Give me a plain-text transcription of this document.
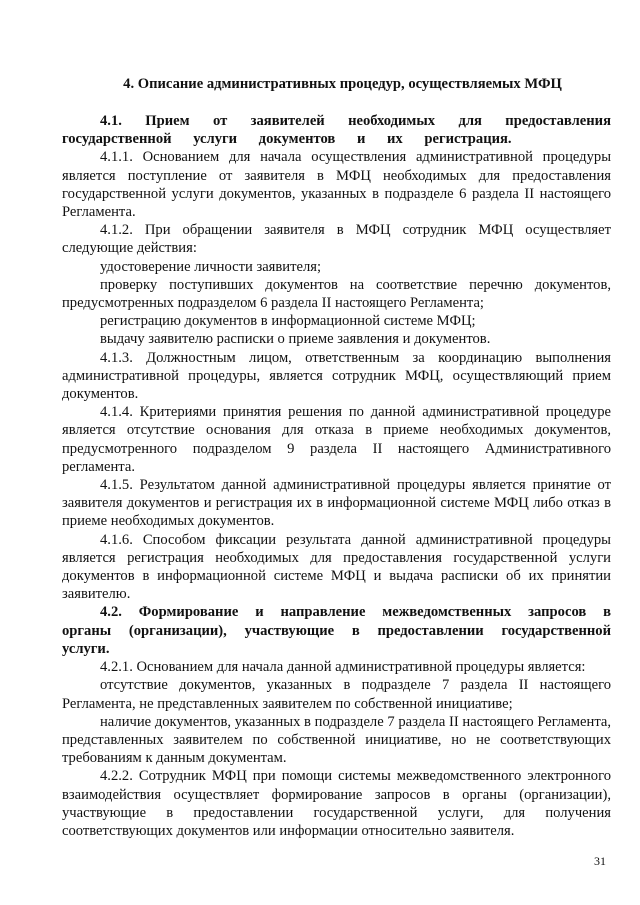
4. Описание административных процедур, осуществляемых МФЦ

4.1. Прием от заявителей необходимых для предоставления государственной услуги документов и их регистрация.

4.1.1. Основанием для начала осуществления административной процедуры является поступление от заявителя в МФЦ необходимых для предоставления государственной услуги документов, указанных в подразделе 6 раздела II настоящего Регламента.

4.1.2. При обращении заявителя в МФЦ сотрудник МФЦ осуществляет следующие действия:

удостоверение личности заявителя;

проверку поступивших документов на соответствие перечню документов, предусмотренных подразделом 6 раздела II настоящего Регламента;

регистрацию документов в информационной системе МФЦ;

выдачу заявителю расписки о приеме заявления и документов.

4.1.3. Должностным лицом, ответственным за координацию выполнения административной процедуры, является сотрудник МФЦ, осуществляющий прием документов.

4.1.4. Критериями принятия решения по данной административной процедуре является отсутствие основания для отказа в приеме необходимых документов, предусмотренного подразделом 9 раздела II настоящего Административного регламента.

4.1.5. Результатом данной административной процедуры является принятие от заявителя документов и регистрация их в информационной системе МФЦ либо отказ в приеме необходимых документов.

4.1.6. Способом фиксации результата данной административной процедуры является регистрация необходимых для предоставления государственной услуги документов в информационной системе МФЦ и выдача расписки об их принятии заявителю.

4.2. Формирование и направление межведомственных запросов в органы (организации), участвующие в предоставлении государственной услуги.

4.2.1. Основанием для начала данной административной процедуры является:

отсутствие документов, указанных в подразделе 7 раздела II настоящего Регламента, не представленных заявителем по собственной инициативе;

наличие документов, указанных в подразделе 7 раздела II настоящего Регламента, представленных заявителем по собственной инициативе, но не соответствующих требованиям к данным документам.

4.2.2. Сотрудник МФЦ при помощи системы межведомственного электронного взаимодействия осуществляет формирование запросов в органы (организации), участвующие в предоставлении государственной услуги, для получения соответствующих документов или информации относительно заявителя.

31
